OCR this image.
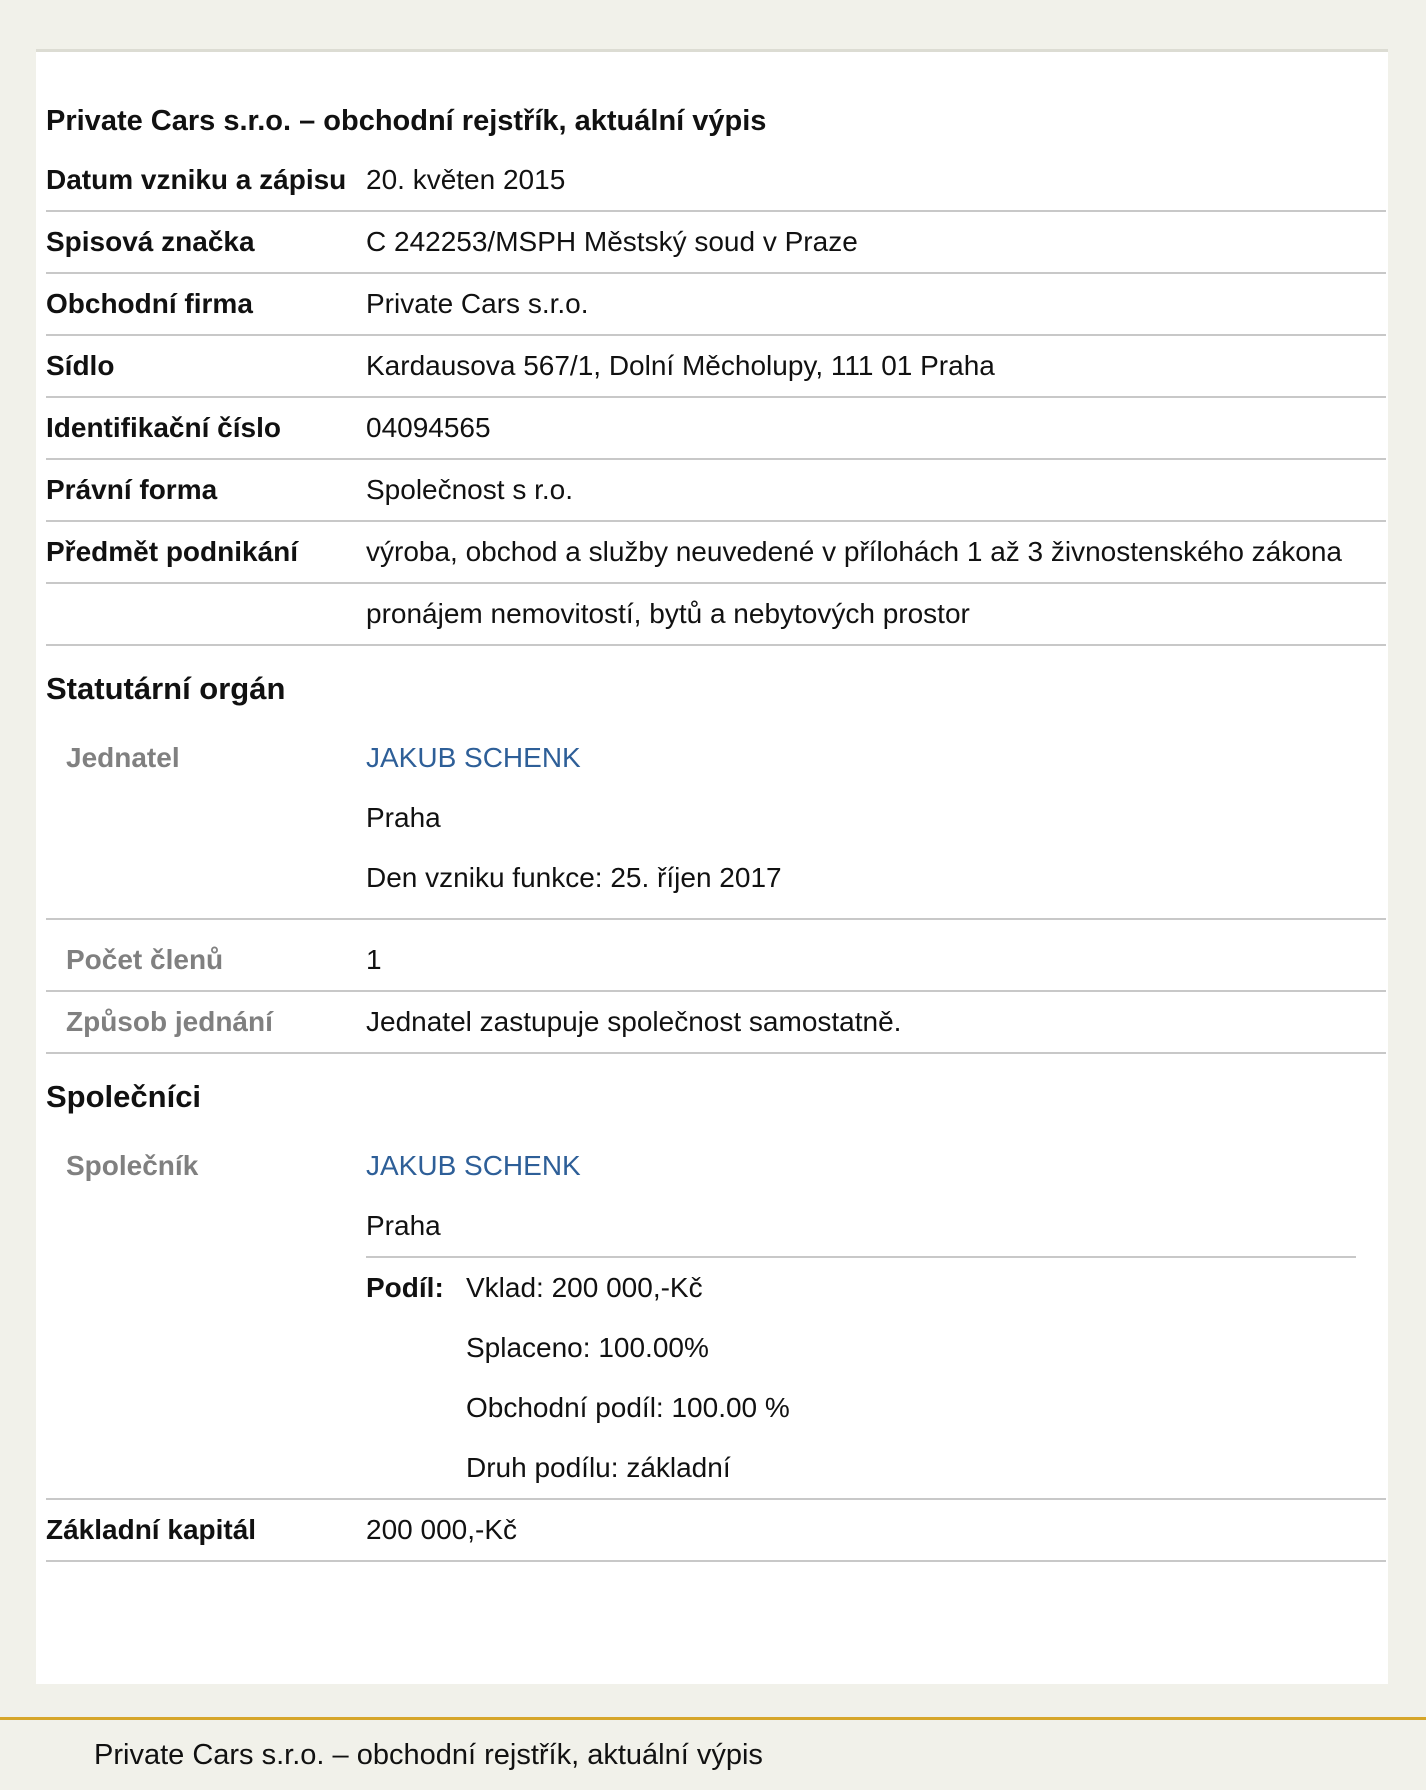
Private Cars s.r.o. – obchodní rejstřík, aktuální výpis
Datum vzniku a zápisu 20. květen 2015
Spisová značka	C 242253/MSPH Městský soud v Praze
Obchodní firma	Private Cars s.r.o.
Sídlo	Kardausova 567/1, Dolní Měcholupy, 111 01 Praha
Identifikační číslo	04094565
Právní forma	Společnost s r.o.
Předmět podnikání	výroba, obchod a služby neuvedené v přílohách 1 až 3 živnostenského zákona
pronájem nemovitostí, bytů a nebytových prostor
Statutární orgán
Jednatel	JAKUB SCHENK
Praha
Den vzniku funkce: 25. říjen 2017
Počet členů	1
Způsob jednání	Jednatel zastupuje společnost samostatně.
Společníci
Společník	JAKUB SCHENK
Praha
Podíl: Vklad: 200 000,-Kč
Splaceno: 100.00%
Obchodní podíl: 100.00 %
Druh podílu: základní
Základní kapitál	200 000,-Kč
Private Cars s.r.o. – obchodní rejstřík, aktuální výpis
